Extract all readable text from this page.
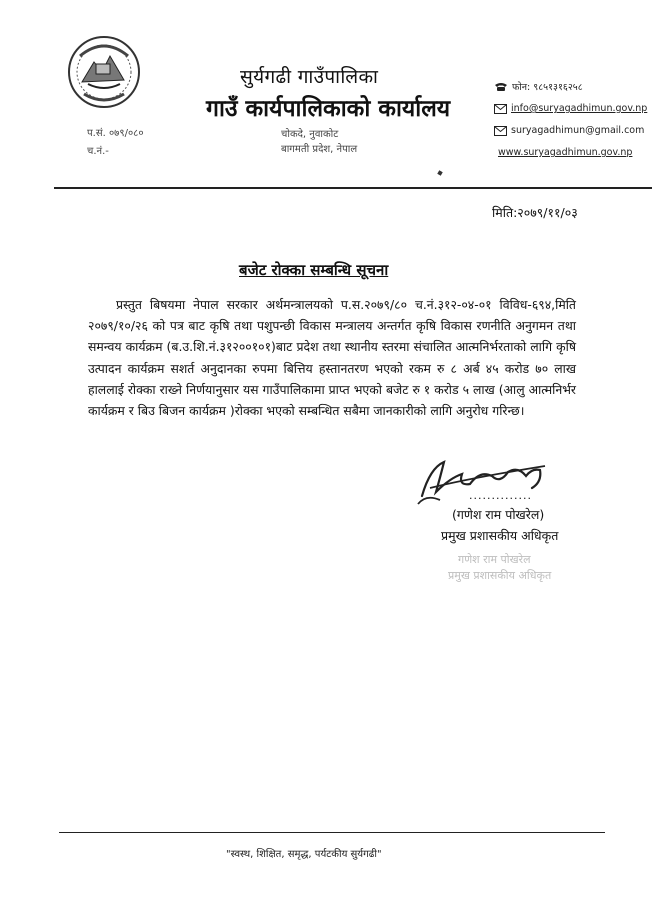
सुर्यगढी गाउँपालिका
गाउँ कार्यपालिकाको कार्यालय
चोकदे, नुवाकोट
बागमती प्रदेश, नेपाल
प.सं. ०७९/०८०
च.नं.-
फोन: ९८५१३१६२५८
info@suryagadhimun.gov.np
suryagadhimun@gmail.com
www.suryagadhimun.gov.np
मिति:२०७९/११/०३
बजेट रोक्का सम्बन्धि सूचना
प्रस्तुत बिषयमा नेपाल सरकार अर्थमन्त्रालयको प.स.२०७९/८० च.नं.३१२-०४-०१ विविध-६९४,मिति २०७९/१०/२६ को पत्र बाट कृषि तथा पशुपन्छी विकास मन्त्रालय अन्तर्गत कृषि विकास रणनीति अनुगमन तथा समन्वय कार्यक्रम (ब.उ.शि.नं.३१२००१०१)बाट प्रदेश तथा स्थानीय स्तरमा संचालित आत्मनिर्भरताको लागि कृषि उत्पादन कार्यक्रम सशर्त अनुदानका रुपमा बित्तिय हस्तानतरण भएको रकम रु ८ अर्ब ४५ करोड ७० लाख हाललाई रोक्का राख्ने निर्णयानुसार यस गाउँपालिकामा प्राप्त भएको बजेट रु १ करोड ५ लाख (आलु आत्मनिर्भर कार्यक्रम र बिउ बिजन कार्यक्रम )रोक्का भएको सम्बन्धित सबैमा जानकारीको लागि अनुरोध गरिन्छ।
..............
(गणेश राम पोखरेल)
प्रमुख प्रशासकीय अधिकृत
गणेश राम पोखरेल
प्रमुख प्रशासकीय अधिकृत
"स्वस्थ, शिक्षित, समृद्ध, पर्यटकीय सुर्यगढी"
